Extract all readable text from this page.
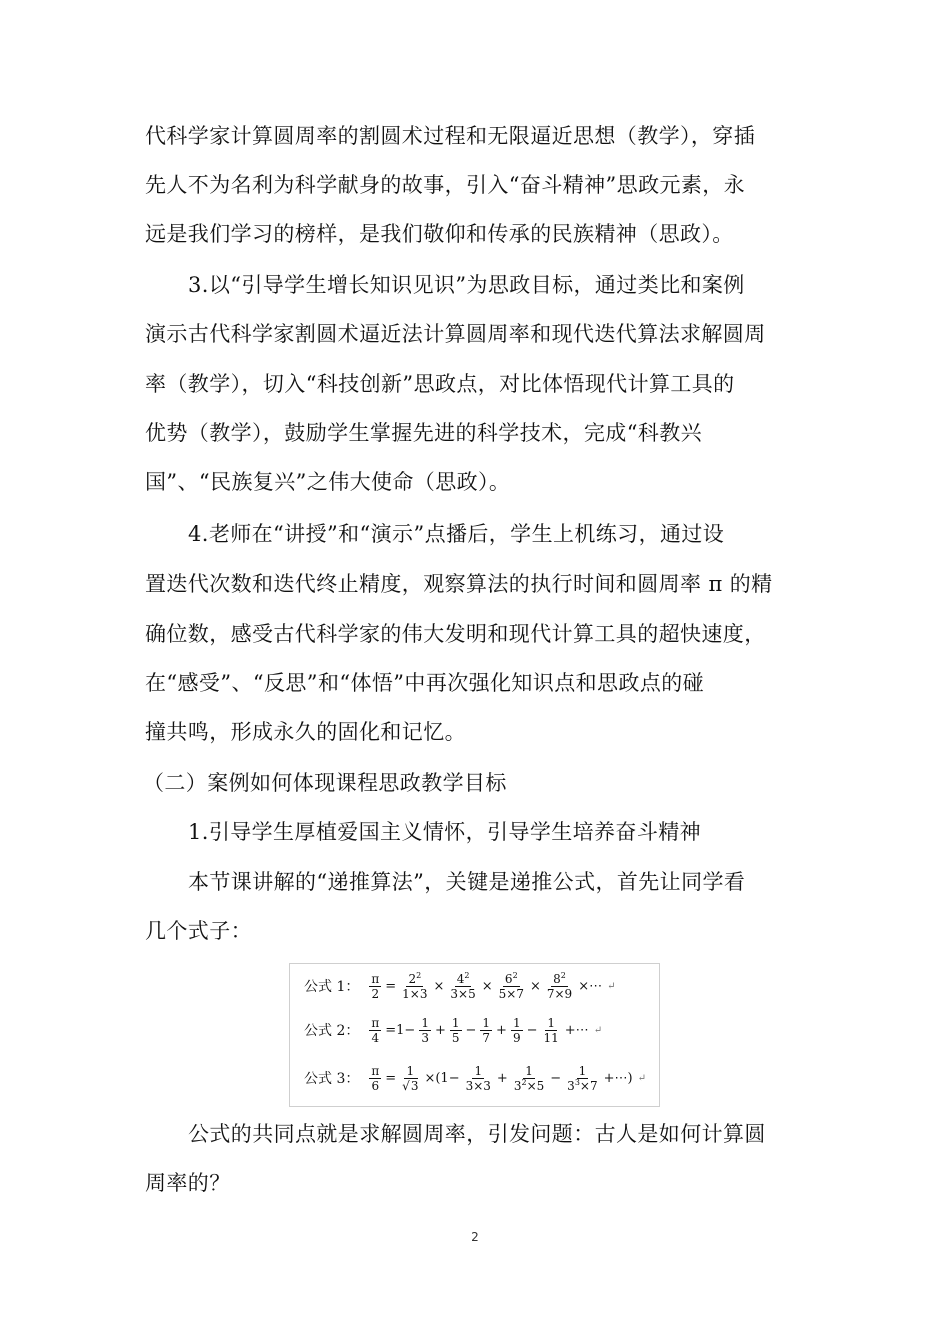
代科学家计算圆周率的割圆术过程和无限逼近思想（教学），穿插
先人不为名利为科学献身的故事，引入“奋斗精神”思政元素，永
远是我们学习的榜样，是我们敬仰和传承的民族精神（思政）。
3.以“引导学生增长知识见识”为思政目标，通过类比和案例
演示古代科学家割圆术逼近法计算圆周率和现代迭代算法求解圆周
率（教学），切入“科技创新”思政点，对比体悟现代计算工具的
优势（教学），鼓励学生掌握先进的科学技术，完成“科教兴
国”、“民族复兴”之伟大使命（思政）。
4.老师在“讲授”和“演示”点播后，学生上机练习，通过设
置迭代次数和迭代终止精度，观察算法的执行时间和圆周率 π 的精
确位数，感受古代科学家的伟大发明和现代计算工具的超快速度，
在“感受”、“反思”和“体悟”中再次强化知识点和思政点的碰
撞共鸣，形成永久的固化和记忆。
（二）案例如何体现课程思政教学目标
1.引导学生厚植爱国主义情怀，引导学生培养奋斗精神
本节课讲解的“递推算法”，关键是递推公式，首先让同学看
几个式子：
公式 1： $\frac{\pi}{2} = \frac{2^2}{1\times 3} \times \frac{4^2}{3\times 5} \times \frac{6^2}{5\times 7} \times \frac{8^2}{7\times 9}$ ×⋯ ↵
公式 2： $\frac{\pi}{4} =1- \frac{1}{3} + \frac{1}{5} - \frac{1}{7} + \frac{1}{9} - \frac{1}{11}$ +⋯ ↵
公式 3： $\frac{\pi}{6} = \frac{1}{√3} \times(1- \frac{1}{3\times 3} + \frac{1}{3^2\times 5} - \frac{1}{3^3\times 7}$ +⋯) ↵
公式的共同点就是求解圆周率，引发问题：古人是如何计算圆
周率的？
2
